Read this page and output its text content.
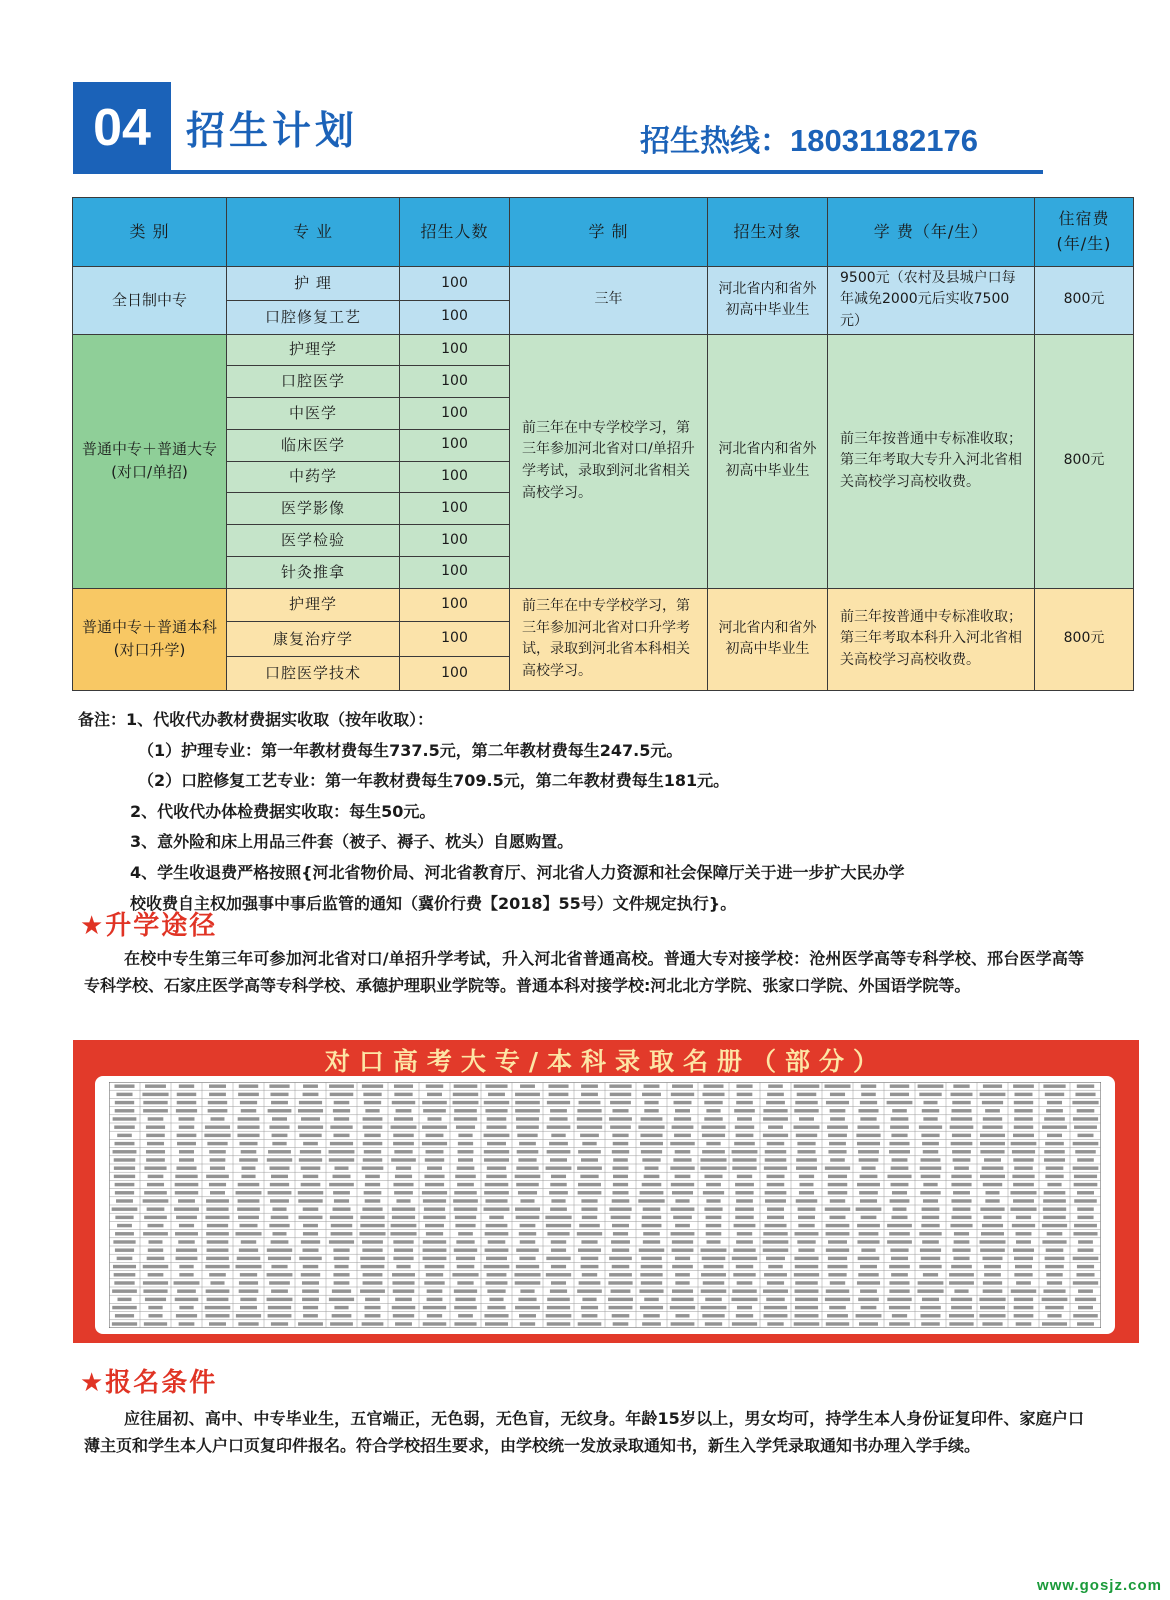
04 招生计划	招生热线：18031182176
类 别	专 业	招生人数	学 制	招生对象	学 费（年/生）	住宿费
(年/生)
全日制中专	护 理	100	三年	河北省内和省外初高中毕业生	9500元（农村及县城户口每年减免2000元后实收7500元）	800元
	口腔修复工艺	100				
普通中专＋普通大专
(对口/单招)	护理学	100	前三年在中专学校学习，第三年参加河北省对口/单招升学考试，录取到河北省相关高校学习。	河北省内和省外初高中毕业生	前三年按普通中专标准收取；第三年考取大专升入河北省相关高校学习高校收费。	800元
	口腔医学	100				
	中医学	100				
	临床医学	100				
	中药学	100				
	医学影像	100				
	医学检验	100				
	针灸推拿	100				
普通中专＋普通本科
(对口升学)	护理学	100	前三年在中专学校学习，第三年参加河北省对口升学考试，录取到河北省本科相关高校学习。	河北省内和省外初高中毕业生	前三年按普通中专标准收取；第三年考取本科升入河北省相关高校学习高校收费。	800元
	康复治疗学	100				
	口腔医学技术	100				
备注：1、代收代办教材费据实收取（按年收取）：
（1）护理专业：第一年教材费每生737.5元，第二年教材费每生247.5元。
（2）口腔修复工艺专业：第一年教材费每生709.5元，第二年教材费每生181元。
2、代收代办体检费据实收取：每生50元。
3、意外险和床上用品三件套（被子、褥子、枕头）自愿购置。
4、学生收退费严格按照{河北省物价局、河北省教育厅、河北省人力资源和社会保障厅关于进一步扩大民办学
校收费自主权加强事中事后监管的通知（冀价行费【2018】55号）文件规定执行}。
★升学途径
在校中专生第三年可参加河北省对口/单招升学考试，升入河北省普通高校。普通大专对接学校：沧州医学高等专科学校、邢台医学高等专科学校、石家庄医学高等专科学校、承德护理职业学院等。普通本科对接学校:河北北方学院、张家口学院、外国语学院等。
对口高考大专/本科录取名册（部分）
★报名条件
应往届初、高中、中专毕业生，五官端正，无色弱，无色盲，无纹身。年龄15岁以上，男女均可，持学生本人身份证复印件、家庭户口薄主页和学生本人户口页复印件报名。符合学校招生要求，由学校统一发放录取通知书，新生入学凭录取通知书办理入学手续。
www.gosjz.com
